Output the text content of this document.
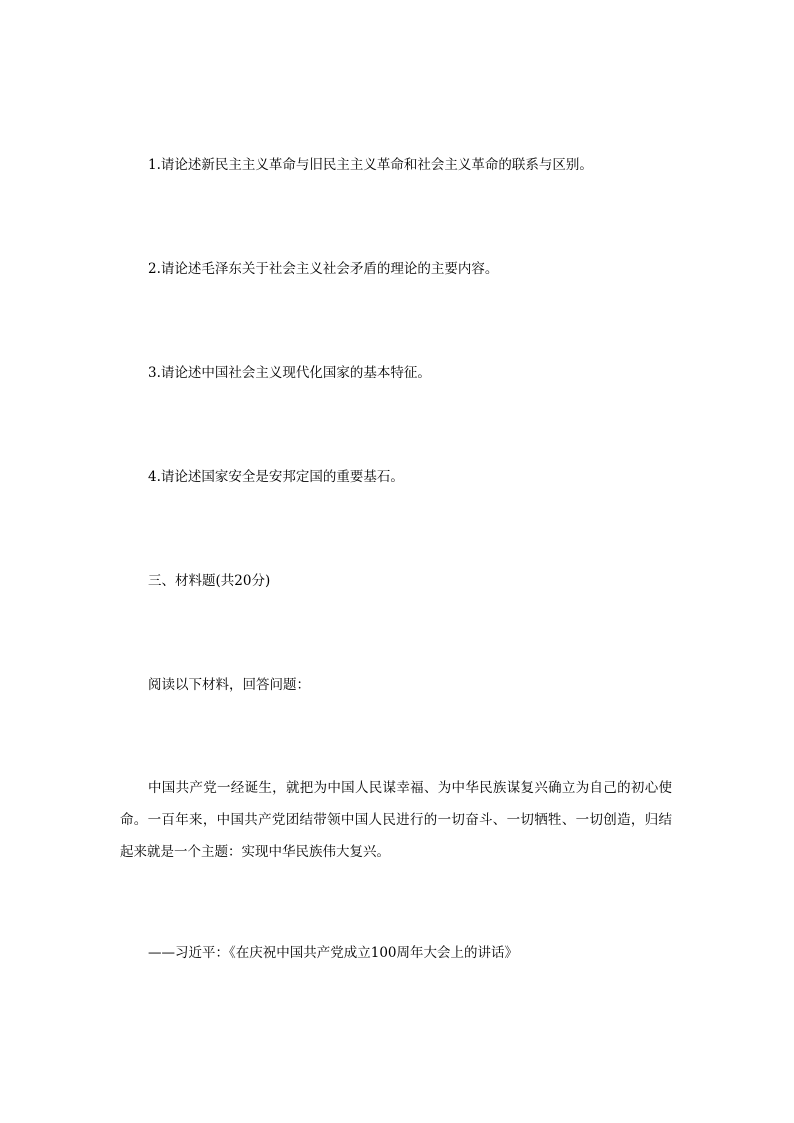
1.请论述新民主主义革命与旧民主主义革命和社会主义革命的联系与区别。

2.请论述毛泽东关于社会主义社会矛盾的理论的主要内容。

3.请论述中国社会主义现代化国家的基本特征。

4.请论述国家安全是安邦定国的重要基石。

三、材料题(共20分)

阅读以下材料，回答问题：

中国共产党一经诞生，就把为中国人民谋幸福、为中华民族谋复兴确立为自己的初心使命。一百年来，中国共产党团结带领中国人民进行的一切奋斗、一切牺牲、一切创造，归结起来就是一个主题：实现中华民族伟大复兴。

——习近平：《在庆祝中国共产党成立100周年大会上的讲话》
